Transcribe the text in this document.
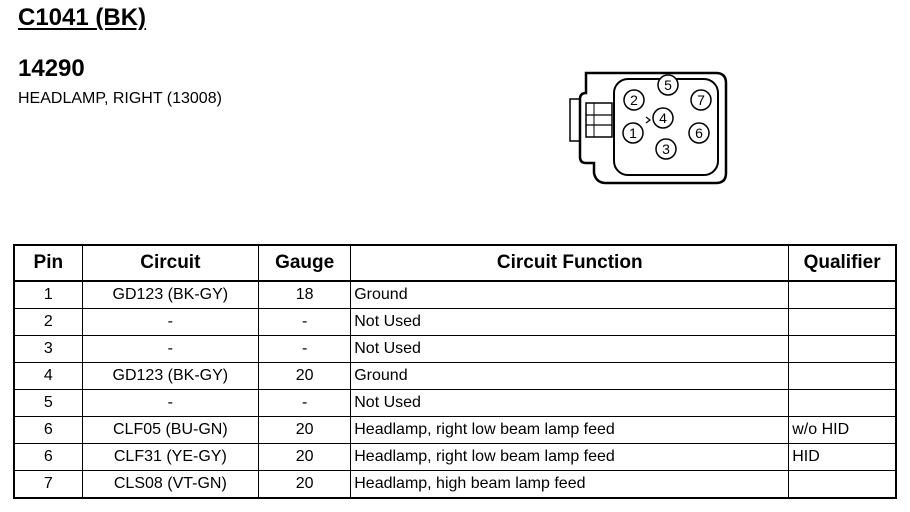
C1041 (BK)
14290
HEADLAMP, RIGHT (13008)
5
2	7
4
1	6
3
Pin	Circuit	Gauge	Circuit Function	Qualifier
1	GD123 (BK-GY)	18	Ground	
2	-	-	Not Used	
3	-	-	Not Used	
4	GD123 (BK-GY)	20	Ground	
5	-	-	Not Used	
6	CLF05 (BU-GN)	20	Headlamp, right low beam lamp feed	w/o HID
6	CLF31 (YE-GY)	20	Headlamp, right low beam lamp feed	HID
7	CLS08 (VT-GN)	20	Headlamp, high beam lamp feed	
